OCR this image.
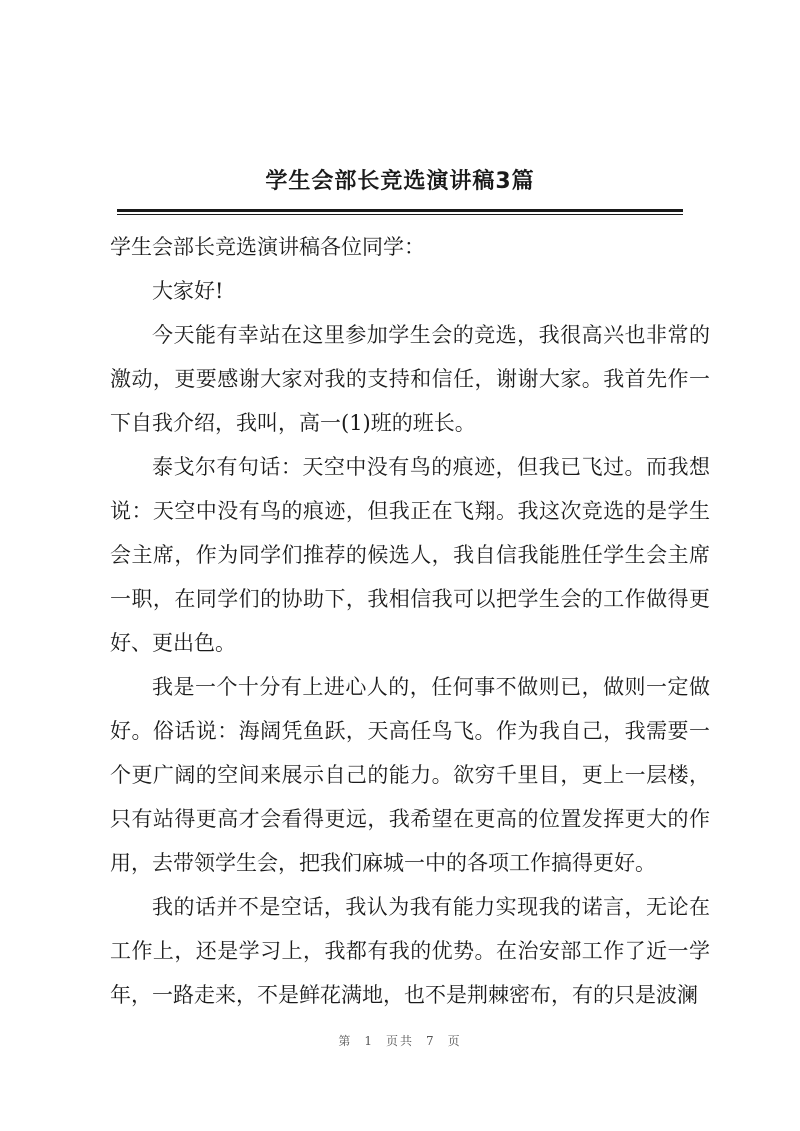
学生会部长竞选演讲稿3篇

学生会部长竞选演讲稿各位同学：

大家好!

今天能有幸站在这里参加学生会的竞选，我很高兴也非常的激动，更要感谢大家对我的支持和信任，谢谢大家。我首先作一下自我介绍，我叫，高一(1)班的班长。

泰戈尔有句话：天空中没有鸟的痕迹，但我已飞过。而我想说：天空中没有鸟的痕迹，但我正在飞翔。我这次竞选的是学生会主席，作为同学们推荐的候选人，我自信我能胜任学生会主席一职，在同学们的协助下，我相信我可以把学生会的工作做得更好、更出色。

我是一个十分有上进心人的，任何事不做则已，做则一定做好。俗话说：海阔凭鱼跃，天高任鸟飞。作为我自己，我需要一个更广阔的空间来展示自己的能力。欲穷千里目，更上一层楼，只有站得更高才会看得更远，我希望在更高的位置发挥更大的作用，去带领学生会，把我们麻城一中的各项工作搞得更好。

我的话并不是空话，我认为我有能力实现我的诺言，无论在工作上，还是学习上，我都有我的优势。在治安部工作了近一学年，一路走来，不是鲜花满地，也不是荆棘密布，有的只是波澜

第 1 页共 7 页
